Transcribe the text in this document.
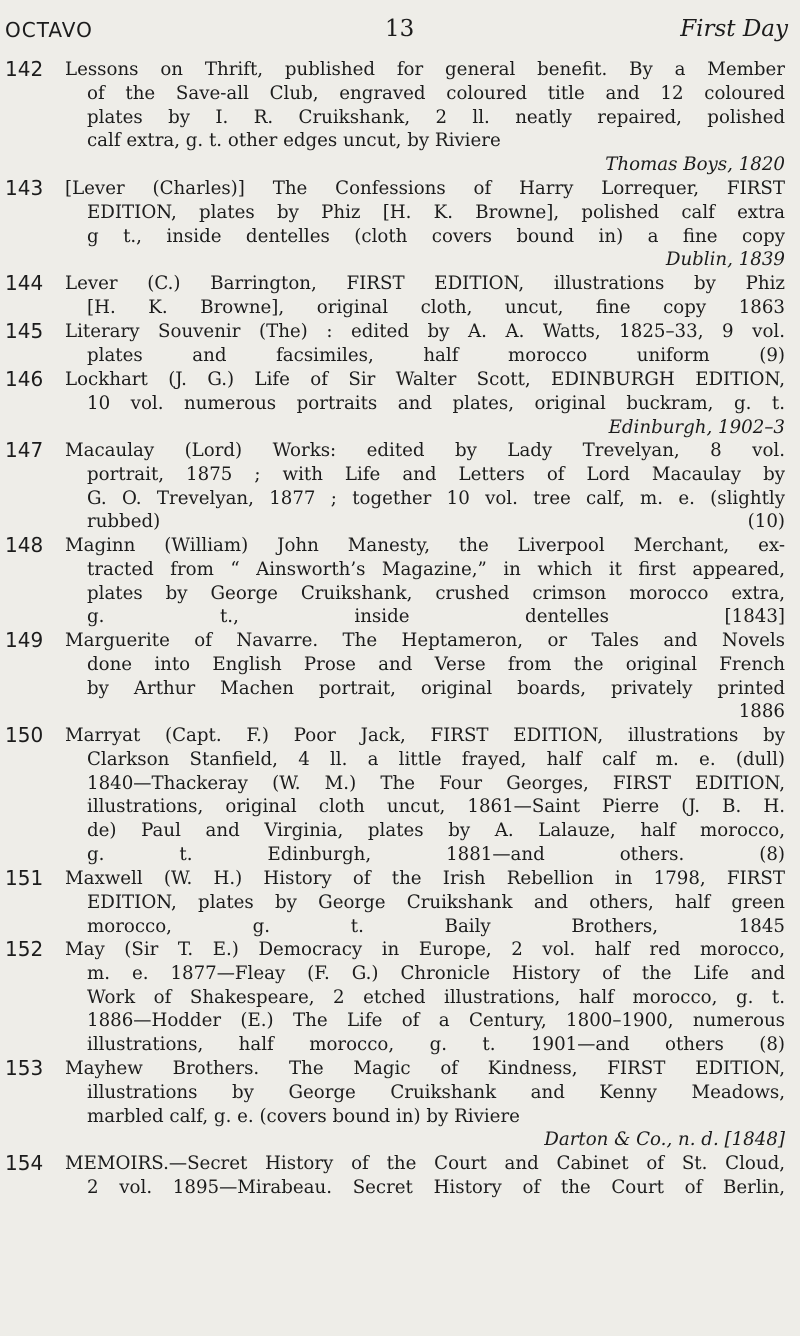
OCTAVO	13	First Day
142	Lessons on Thrift, published for general benefit. By a Member
of the Save-all Club, engraved coloured title and 12 coloured
plates by I. R. Cruikshank, 2 ll. neatly repaired, polished
calf extra, g. t. other edges uncut, by Riviere
Thomas Boys, 1820
143	[Lever (Charles)] The Confessions of Harry Lorrequer, FIRST
EDITION, plates by Phiz [H. K. Browne], polished calf extra
g t., inside dentelles (cloth covers bound in) a fine copy
Dublin, 1839
144	Lever (C.) Barrington, FIRST EDITION, illustrations by Phiz
[H. K. Browne], original cloth, uncut, fine copy 1863
145	Literary Souvenir (The) : edited by A. A. Watts, 1825–33, 9 vol.
plates and facsimiles, half morocco uniform (9)
146	Lockhart (J. G.) Life of Sir Walter Scott, EDINBURGH EDITION,
10 vol. numerous portraits and plates, original buckram, g. t.
Edinburgh, 1902–3
147	Macaulay (Lord) Works: edited by Lady Trevelyan, 8 vol.
portrait, 1875 ; with Life and Letters of Lord Macaulay by
G. O. Trevelyan, 1877 ; together 10 vol. tree calf, m. e. (slightly
rubbed) (10)
148	Maginn (William) John Manesty, the Liverpool Merchant, ex-
tracted from “ Ainsworth’s Magazine,” in which it first appeared,
plates by George Cruikshank, crushed crimson morocco extra,
g. t., inside dentelles [1843]
149	Marguerite of Navarre. The Heptameron, or Tales and Novels
done into English Prose and Verse from the original French
by Arthur Machen portrait, original boards, privately printed
1886
150	Marryat (Capt. F.) Poor Jack, FIRST EDITION, illustrations by
Clarkson Stanfield, 4 ll. a little frayed, half calf m. e. (dull)
1840—Thackeray (W. M.) The Four Georges, FIRST EDITION,
illustrations, original cloth uncut, 1861—Saint Pierre (J. B. H.
de) Paul and Virginia, plates by A. Lalauze, half morocco,
g. t. Edinburgh, 1881—and others. (8)
151	Maxwell (W. H.) History of the Irish Rebellion in 1798, FIRST
EDITION, plates by George Cruikshank and others, half green
morocco, g. t. Baily Brothers, 1845
152	May (Sir T. E.) Democracy in Europe, 2 vol. half red morocco,
m. e. 1877—Fleay (F. G.) Chronicle History of the Life and
Work of Shakespeare, 2 etched illustrations, half morocco, g. t.
1886—Hodder (E.) The Life of a Century, 1800–1900, numerous
illustrations, half morocco, g. t. 1901—and others (8)
153	Mayhew Brothers. The Magic of Kindness, FIRST EDITION,
illustrations by George Cruikshank and Kenny Meadows,
marbled calf, g. e. (covers bound in) by Riviere
Darton & Co., n. d. [1848]
154	MEMOIRS.—Secret History of the Court and Cabinet of St. Cloud,
2 vol. 1895—Mirabeau. Secret History of the Court of Berlin,
